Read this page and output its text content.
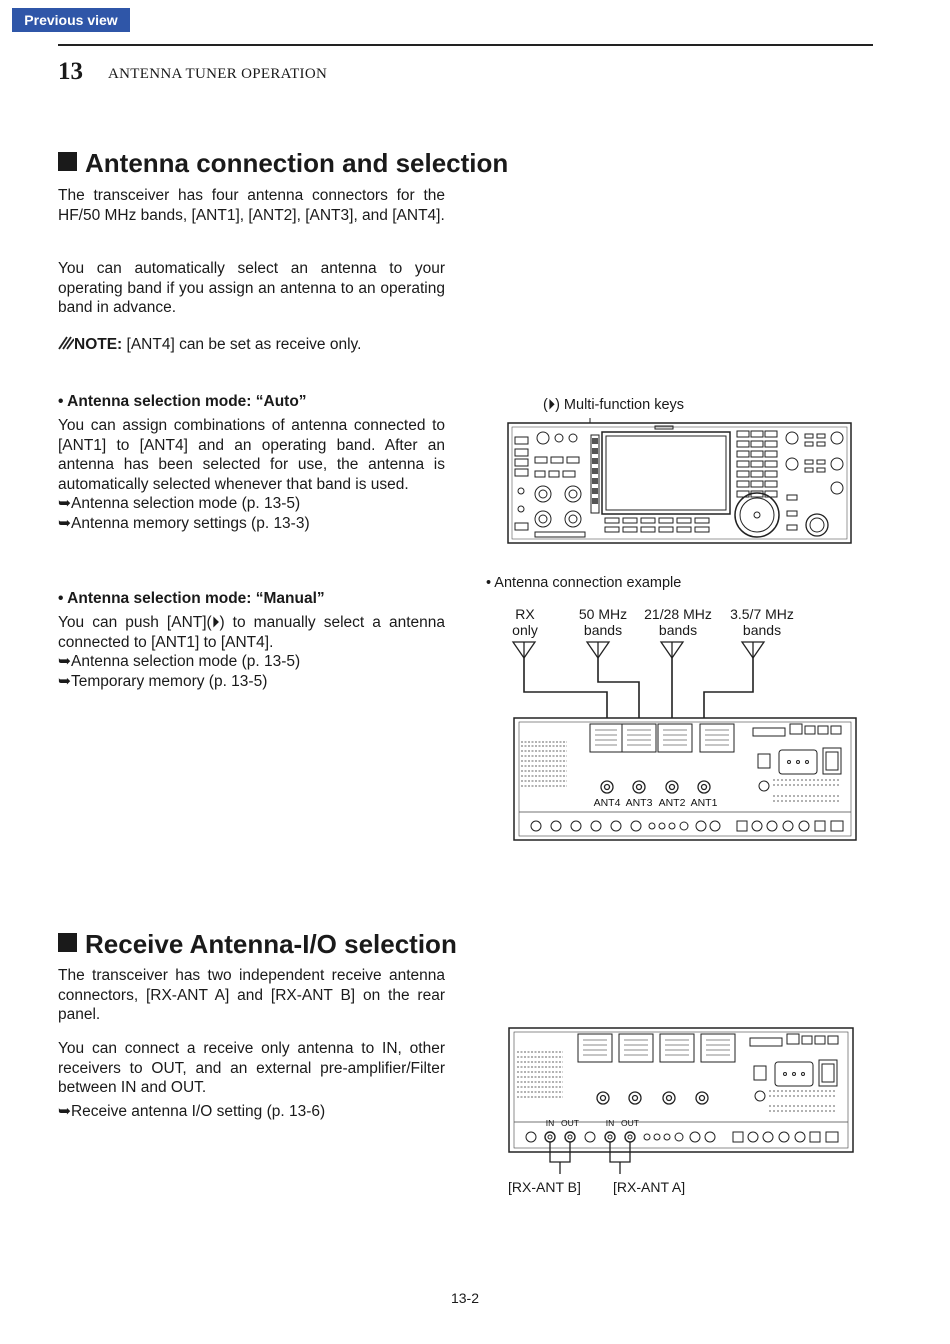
Previous view
13 ANTENNA TUNER OPERATION
Antenna connection and selection

The transceiver has four antenna connectors for the HF/50 MHz bands, [ANT1], [ANT2], [ANT3], and [ANT4].

You can automatically select an antenna to your operating band if you assign an antenna to an operating band in advance.

NOTE: [ANT4] can be set as receive only.
• Antenna selection mode: “Auto”

You can assign combinations of antenna connected to [ANT1] to [ANT4] and an operating band. After an antenna has been selected for use, the antenna is automatically selected whenever that band is used.

➥Antenna selection mode (p. 13-5)
➥Antenna memory settings (p. 13-3)
• Antenna selection mode: “Manual”

You can push [ANT](⏵) to manually select a antenna connected to [ANT1] to [ANT4].

➥Antenna selection mode (p. 13-5)
➥Temporary memory (p. 13-5)
(⏵) Multi-function keys
• Antenna connection example
RX
only
50 MHz
bands
21/28 MHz
bands
3.5/7 MHz
bands
ANT4 ANT3 ANT2 ANT1
Receive Antenna-I/O selection

The transceiver has two independent receive antenna connectors, [RX-ANT A] and [RX-ANT B] on the rear panel.

You can connect a receive only antenna to IN, other receivers to OUT, and an external pre-amplifier/Filter between IN and OUT.

➥Receive antenna I/O setting (p. 13-6)
IN OUT	IN OUT
[RX-ANT B] [RX-ANT A]
13-2
